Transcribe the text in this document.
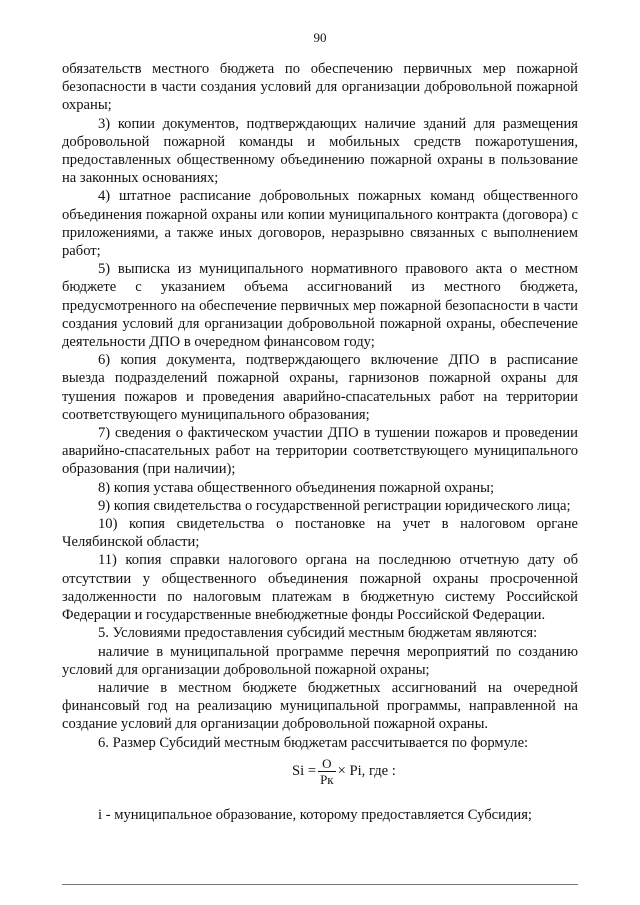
90

обязательств местного бюджета по обеспечению первичных мер пожарной безопасности в части создания условий для организации добровольной пожарной охраны;

3) копии документов, подтверждающих наличие зданий для размещения добровольной пожарной команды и мобильных средств пожаротушения, предоставленных общественному объединению пожарной охраны в пользование на законных основаниях;

4) штатное расписание добровольных пожарных команд общественного объединения пожарной охраны или копии муниципального контракта (договора) с приложениями, а также иных договоров, неразрывно связанных с выполнением работ;

5) выписка из муниципального нормативного правового акта о местном бюджете с указанием объема ассигнований из местного бюджета, предусмотренного на обеспечение первичных мер пожарной безопасности в части создания условий для организации добровольной пожарной охраны, обеспечение деятельности ДПО в очередном финансовом году;

6) копия документа, подтверждающего включение ДПО в расписание выезда подразделений пожарной охраны, гарнизонов пожарной охраны для тушения пожаров и проведения аварийно-спасательных работ на территории соответствующего муниципального образования;

7) сведения о фактическом участии ДПО в тушении пожаров и проведении аварийно-спасательных работ на территории соответствующего муниципального образования (при наличии);

8) копия устава общественного объединения пожарной охраны;

9) копия свидетельства о государственной регистрации юридического лица;

10) копия свидетельства о постановке на учет в налоговом органе Челябинской области;

11) копия справки налогового органа на последнюю отчетную дату об отсутствии у общественного объединения пожарной охраны просроченной задолженности по налоговым платежам в бюджетную систему Российской Федерации и государственные внебюджетные фонды Российской Федерации.

5. Условиями предоставления субсидий местным бюджетам являются:

наличие в муниципальной программе перечня мероприятий по созданию условий для организации добровольной пожарной охраны;

наличие в местном бюджете бюджетных ассигнований на очередной финансовый год на реализацию муниципальной программы, направленной на создание условий для организации добровольной пожарной охраны.

6. Размер Субсидий местным бюджетам рассчитывается по формуле:

$Si = \frac{O}{Pк} \times Pi$, где :
i - муниципальное образование, которому предоставляется Субсидия;
